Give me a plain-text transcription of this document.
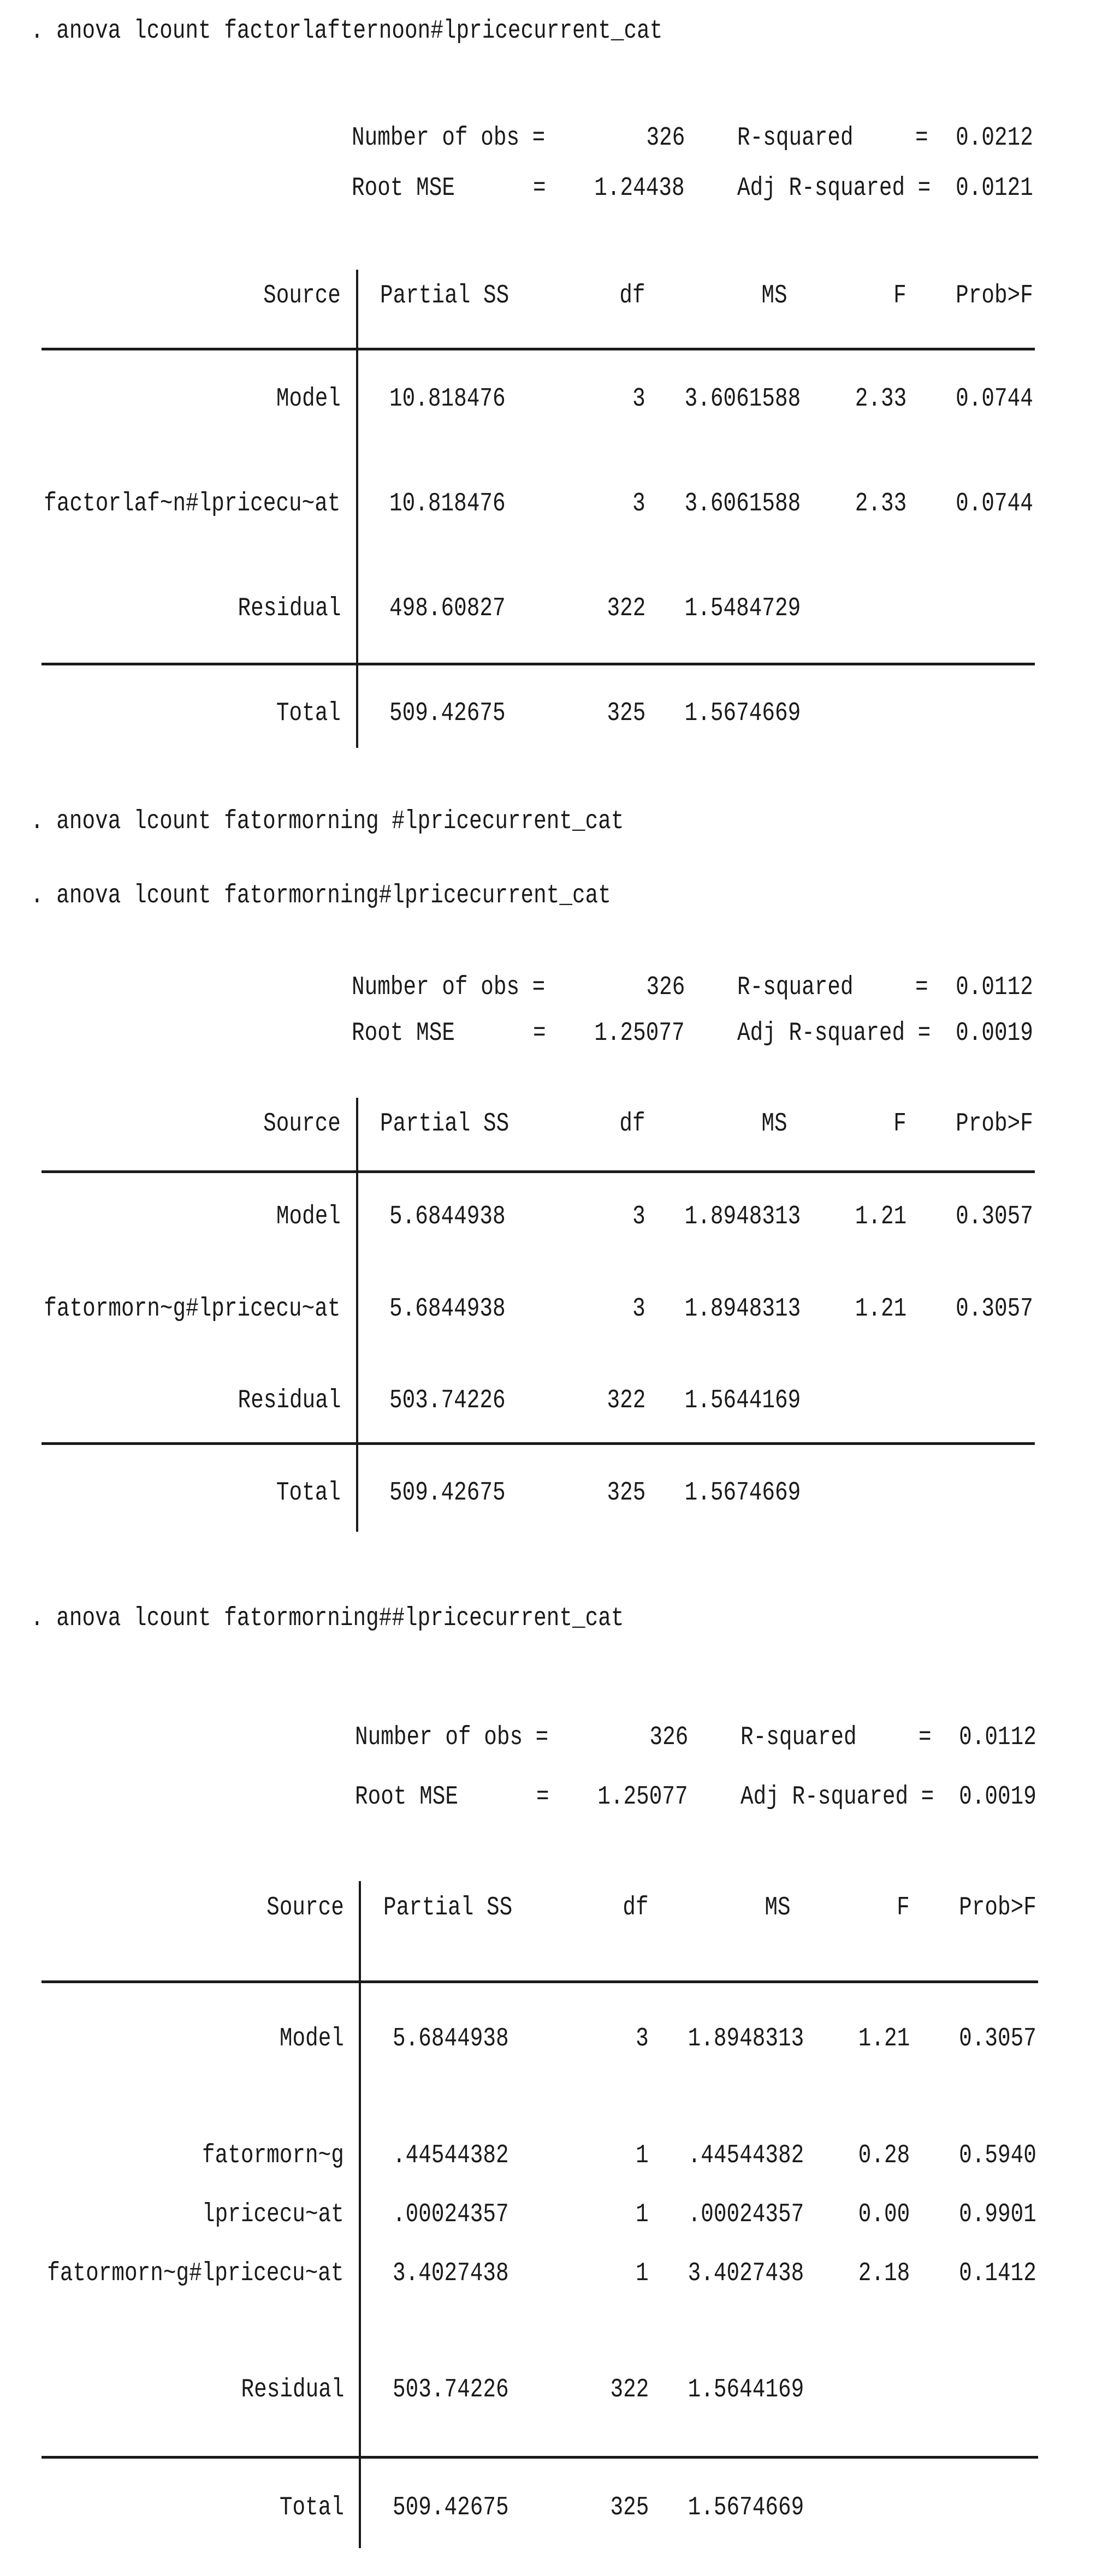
. anova lcount factorlafternoon#lpricecurrent_cat
Number of obs =	326 R-squared = 0.0212
Root MSE	= 1.24438 Adj R-squared = 0.0121
Source Partial SS	df	MS	F Prob>F
Model 10.818476	3 3.6061588 2.33 0.0744
factorlaf~n#lpricecu~at 10.818476	3 3.6061588 2.33 0.0744
Residual 498.60827	322 1.5484729
Total 509.42675	325 1.5674669
. anova lcount fatormorning #lpricecurrent_cat
. anova lcount fatormorning#lpricecurrent_cat
Number of obs =	326 R-squared = 0.0112
Root MSE	= 1.25077 Adj R-squared = 0.0019
Source Partial SS	df	MS	F Prob>F
Model 5.6844938	3 1.8948313 1.21 0.3057
fatormorn~g#lpricecu~at 5.6844938	3 1.8948313 1.21 0.3057
Residual 503.74226	322 1.5644169
Total 509.42675	325 1.5674669
. anova lcount fatormorning##lpricecurrent_cat
Number of obs =	326 R-squared = 0.0112
Root MSE	= 1.25077 Adj R-squared = 0.0019
Source Partial SS	df	MS	F Prob>F
Model 5.6844938	3 1.8948313 1.21 0.3057
fatormorn~g .44544382	1 .44544382 0.28 0.5940
lpricecu~at .00024357	1 .00024357 0.00 0.9901
fatormorn~g#lpricecu~at 3.4027438	1 3.4027438 2.18 0.1412
Residual 503.74226	322 1.5644169
Total 509.42675	325 1.5674669
